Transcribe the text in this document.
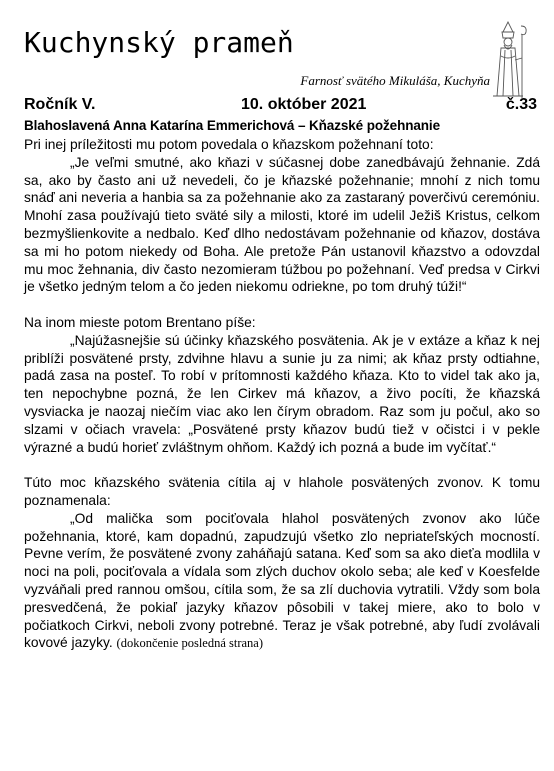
Kuchynský prameň
Farnosť svätého Mikuláša, Kuchyňa
Ročník V.	10. október 2021	č.33
Blahoslavená Anna Katarína Emmerichová – Kňazské požehnanie

Pri inej príležitosti mu potom povedala o kňazskom požehnaní toto:

„Je veľmi smutné, ako kňazi v súčasnej dobe zanedbávajú žehnanie. Zdá sa, ako by často ani už nevedeli, čo je kňazské požehnanie; mnohí z nich tomu snáď ani neveria a hanbia sa za požehnanie ako za zastaraný poverčivú ceremóniu. Mnohí zasa používajú tieto sväté sily a milosti, ktoré im udelil Ježiš Kristus, celkom bezmyšlienkovite a nedbalo. Keď dlho nedostávam požehnanie od kňazov, dostáva sa mi ho potom niekedy od Boha. Ale pretože Pán ustanovil kňazstvo a odovzdal mu moc žehnania, div často nezomieram túžbou po požehnaní. Veď predsa v Cirkvi je všetko jedným telom a čo jeden niekomu odriekne, po tom druhý túži!“

Na inom mieste potom Brentano píše:

„Najúžasnejšie sú účinky kňazského posvätenia. Ak je v extáze a kňaz k nej priblíži posvätené prsty, zdvihne hlavu a sunie ju za nimi; ak kňaz prsty odtiahne, padá zasa na posteľ. To robí v prítomnosti každého kňaza. Kto to videl tak ako ja, ten nepochybne pozná, že len Cirkev má kňazov, a živo pocíti, že kňazská vysviacka je naozaj niečím viac ako len čírym obradom. Raz som ju počul, ako so slzami v očiach vravela: „Posvätené prsty kňazov budú tiež v očistci i v pekle výrazné a budú horieť zvláštnym ohňom. Každý ich pozná a bude im vyčítať.“

Túto moc kňazského svätenia cítila aj v hlahole posvätených zvonov. K tomu poznamenala:

„Od malička som pociťovala hlahol posvätených zvonov ako lúče požehnania, ktoré, kam dopadnú, zapudzujú všetko zlo nepriateľských mocností. Pevne verím, že posvätené zvony zaháňajú satana. Keď som sa ako dieťa modlila v noci na poli, pociťovala a vídala som zlých duchov okolo seba; ale keď v Koesfelde vyzváňali pred rannou omšou, cítila som, že sa zlí duchovia vytratili. Vždy som bola presvedčená, že pokiaľ jazyky kňazov pôsobili v takej miere, ako to bolo v počiatkoch Cirkvi, neboli zvony potrebné. Teraz je však potrebné, aby ľudí zvolávali kovové jazyky. (dokončenie posledná strana)
